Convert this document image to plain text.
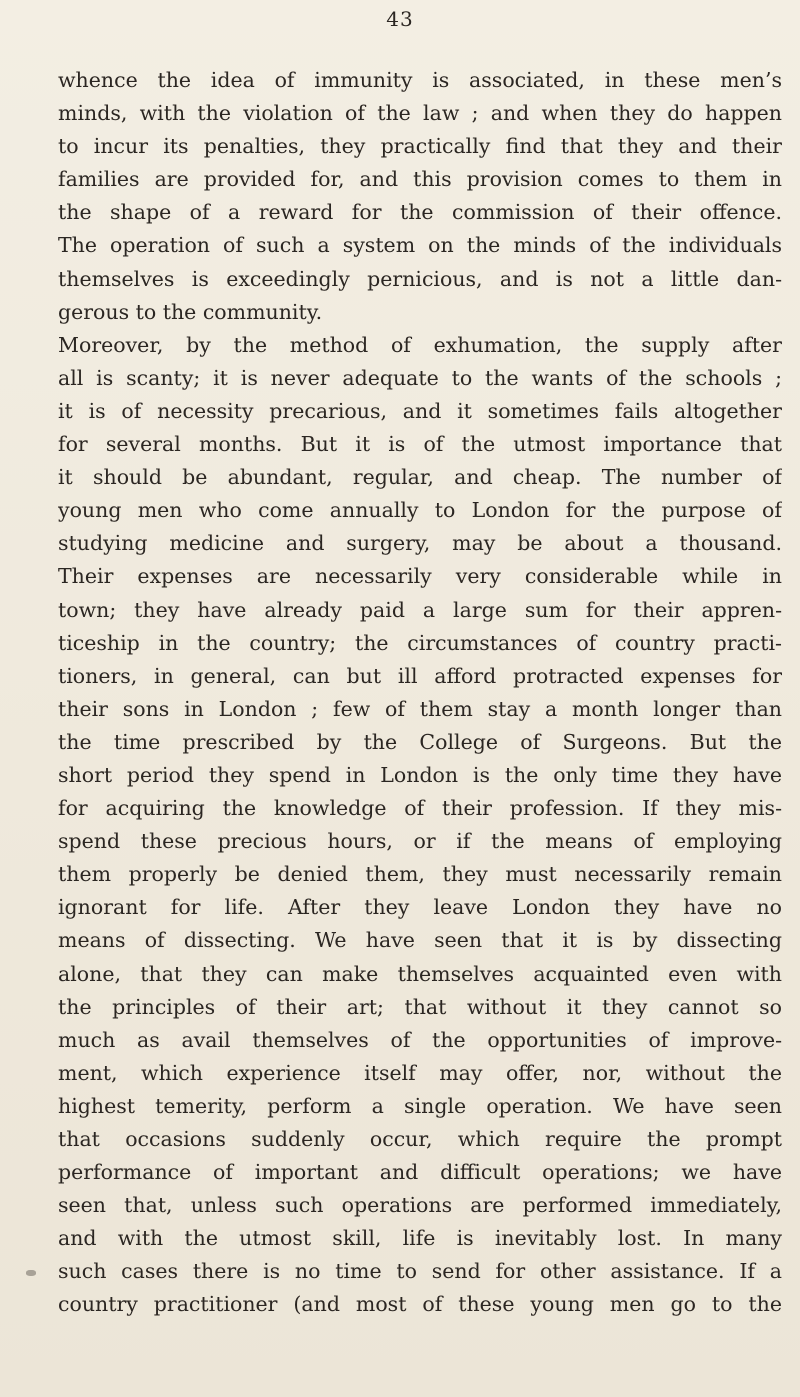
43
whence the idea of immunity is associated, in these men’s
minds, with the violation of the law ; and when they do happen
to incur its penalties, they practically find that they and their
families are provided for, and this provision comes to them in
the shape of a reward for the commission of their offence.
The operation of such a system on the minds of the individuals
themselves is exceedingly pernicious, and is not a little dan-
gerous to the community.
Moreover, by the method of exhumation, the supply after
all is scanty; it is never adequate to the wants of the schools ;
it is of necessity precarious, and it sometimes fails altogether
for several months. But it is of the utmost importance that
it should be abundant, regular, and cheap. The number of
young men who come annually to London for the purpose of
studying medicine and surgery, may be about a thousand.
Their expenses are necessarily very considerable while in
town; they have already paid a large sum for their appren-
ticeship in the country; the circumstances of country practi-
tioners, in general, can but ill afford protracted expenses for
their sons in London ; few of them stay a month longer than
the time prescribed by the College of Surgeons. But the
short period they spend in London is the only time they have
for acquiring the knowledge of their profession. If they mis-
spend these precious hours, or if the means of employing
them properly be denied them, they must necessarily remain
ignorant for life. After they leave London they have no
means of dissecting. We have seen that it is by dissecting
alone, that they can make themselves acquainted even with
the principles of their art; that without it they cannot so
much as avail themselves of the opportunities of improve-
ment, which experience itself may offer, nor, without the
highest temerity, perform a single operation. We have seen
that occasions suddenly occur, which require the prompt
performance of important and difficult operations; we have
seen that, unless such operations are performed immediately,
and with the utmost skill, life is inevitably lost. In many
such cases there is no time to send for other assistance. If a
country practitioner (and most of these young men go to the
